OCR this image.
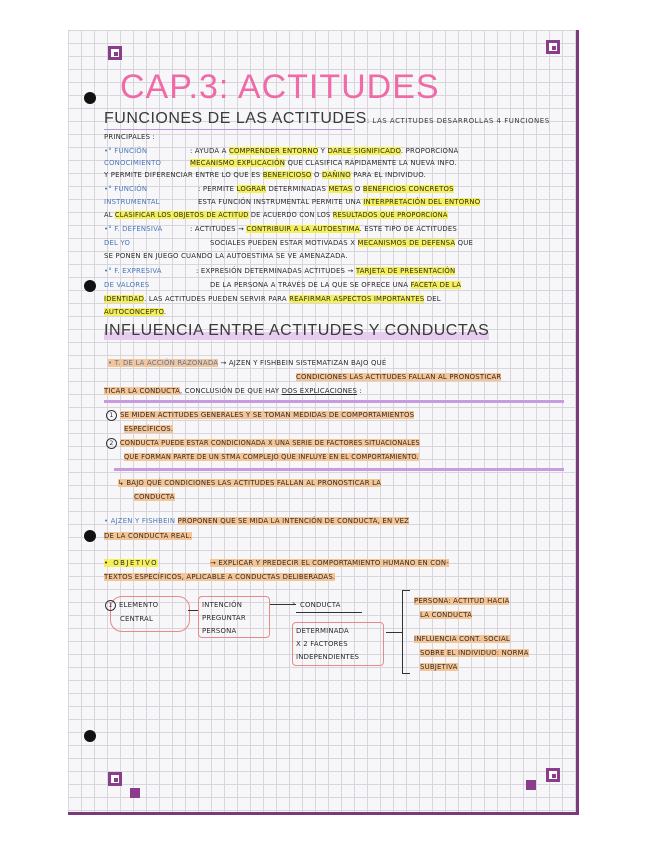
CAP.3: ACTITUDES
FUNCIONES DE LAS ACTITUDES: LAS ACTITUDES DESARROLLAS 4 FUNCIONES
PRINCIPALES :
•° FUNCIÓN
CONOCIMIENTO
: AYUDA A COMPRENDER ENTORNO Y DARLE SIGNIFICADO. PROPORCIONA
MECANISMO EXPLICACIÓN QUE CLASIFICA RÁPIDAMENTE LA NUEVA INFO.
Y PERMITE DIFERENCIAR ENTRE LO QUE ES BENEFICIOSO O DAÑINO PARA EL INDIVIDUO.
•° FUNCIÓN
INSTRUMENTAL
: PERMITE LOGRAR DETERMINADAS METAS O BENEFICIOS CONCRETOS
ESTA FUNCIÓN INSTRUMENTAL PERMITE UNA INTERPRETACIÓN DEL ENTORNO
AL CLASIFICAR LOS OBJETOS DE ACTITUD DE ACUERDO CON LOS RESULTADOS QUE PROPORCIONA
•° F. DEFENSIVA
DEL YO
: ACTITUDES → CONTRIBUIR A LA AUTOESTIMA. ESTE TIPO DE ACTITUDES
SOCIALES PUEDEN ESTAR MOTIVADAS X MECANISMOS DE DEFENSA QUE
SE PONEN EN JUEGO CUANDO LA AUTOESTIMA SE VE AMENAZADA.
•° F. EXPRESIVA
DE VALORES
: EXPRESIÓN DETERMINADAS ACTITUDES → TARJETA DE PRESENTACIÓN
DE LA PERSONA A TRAVÉS DE LA QUE SE OFRECE UNA FACETA DE LA
IDENTIDAD. LAS ACTITUDES PUEDEN SERVIR PARA REAFIRMAR ASPECTOS IMPORTANTES DEL
AUTOCONCEPTO.
INFLUENCIA ENTRE ACTITUDES Y CONDUCTAS
• T. DE LA ACCIÓN RAZONADA → AJZEN Y FISHBEIN SISTEMATIZAN BAJO QUÉ
CONDICIONES LAS ACTITUDES FALLAN AL PRONOSTICAR
TICAR LA CONDUCTA, CONCLUSIÓN DE QUE HAY DOS EXPLICACIONES :
1 SE MIDEN ACTITUDES GENERALES Y SE TOMAN MEDIDAS DE COMPORTAMIENTOS
ESPECÍFICOS.
2 CONDUCTA PUEDE ESTAR CONDICIONADA X UNA SERIE DE FACTORES SITUACIONALES
QUE FORMAN PARTE DE UN STMA COMPLEJO QUE INFLUYE EN EL COMPORTAMIENTO.
↳ BAJO QUÉ CONDICIONES LAS ACTITUDES FALLAN AL PRONOSTICAR LA
CONDUCTA
• AJZEN Y FISHBEIN PROPONEN QUE SE MIDA LA INTENCIÓN DE CONDUCTA, EN VEZ
DE LA CONDUCTA REAL.
• OBJETIVO	→ EXPLICAR Y PREDECIR EL COMPORTAMIENTO HUMANO EN CON-
TEXTOS ESPECÍFICOS, APLICABLE A CONDUCTAS DELIBERADAS.
1 ELEMENTO
CENTRAL
INTENCIÓN
PREGUNTAR
PERSONA
› CONDUCTA
DETERMINADA
X 2 FACTORES
INDEPENDIENTES
PERSONA: ACTITUD HACIA
LA CONDUCTA
INFLUENCIA CONT. SOCIAL
SOBRE EL INDIVIDUO: NORMA
SUBJETIVA
